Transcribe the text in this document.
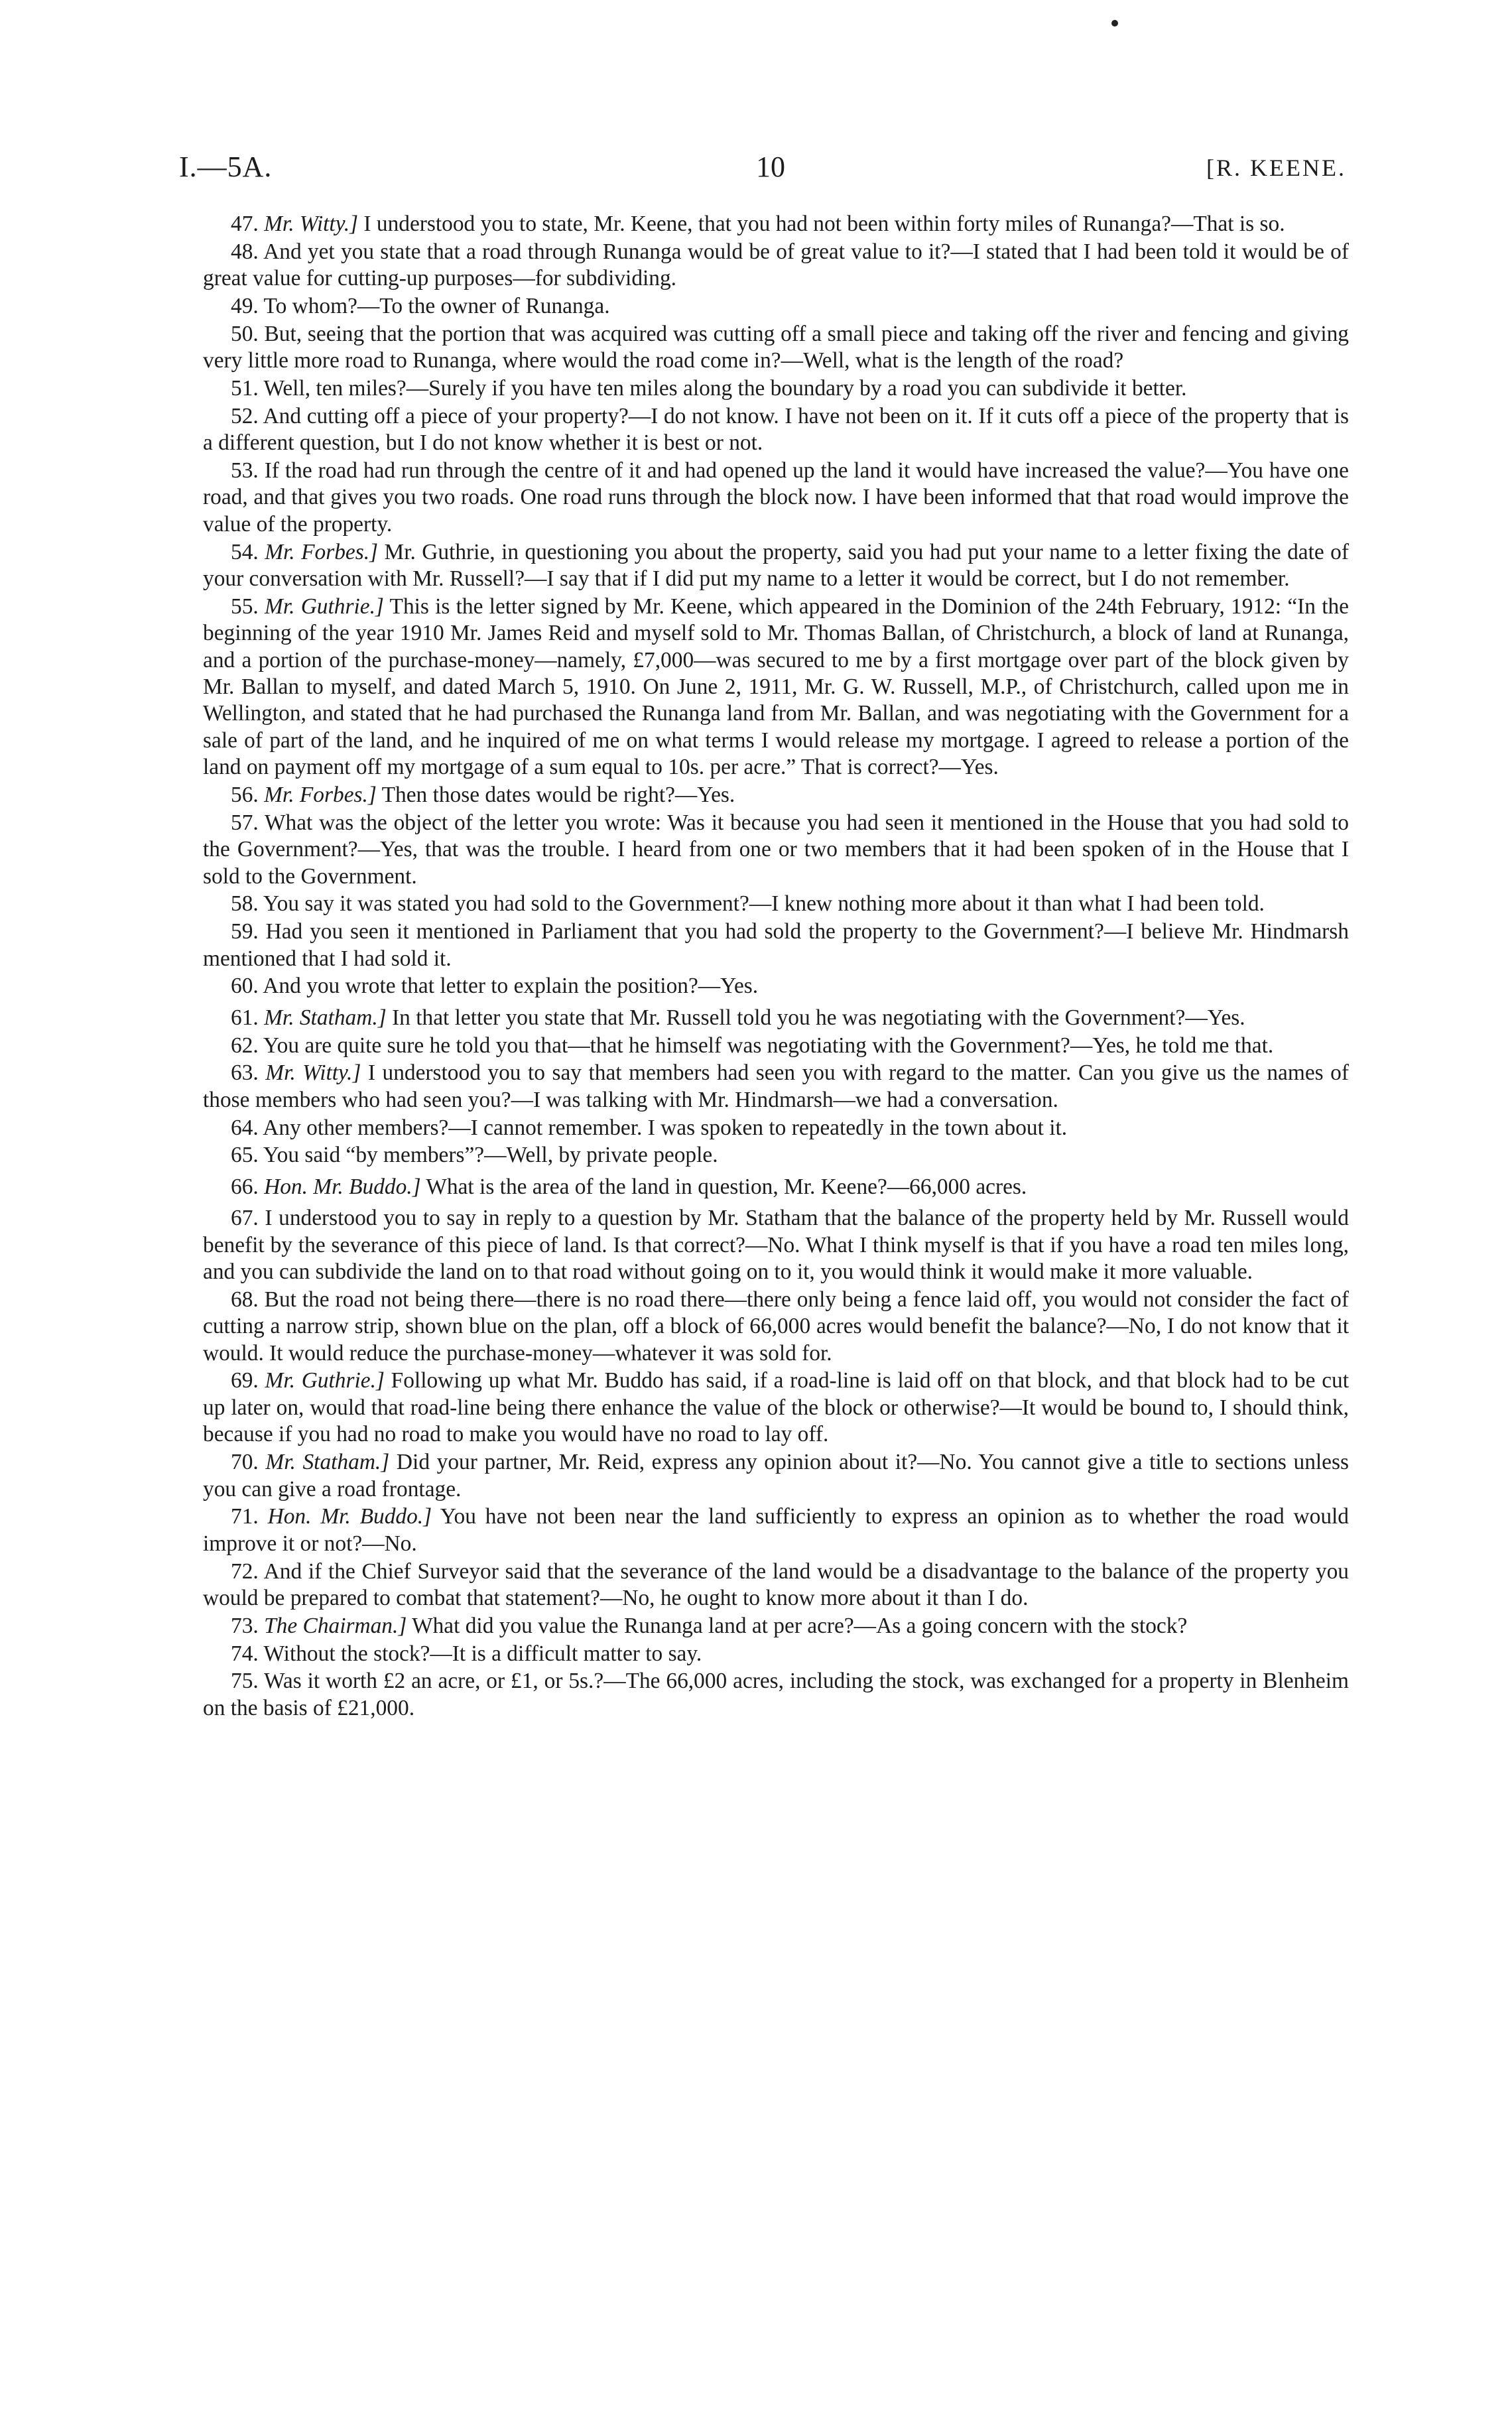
I.—5A.	10	[R. KEENE.

47. Mr. Witty.] I understood you to state, Mr. Keene, that you had not been within forty miles of Runanga?—That is so.

48. And yet you state that a road through Runanga would be of great value to it?—I stated that I had been told it would be of great value for cutting-up purposes—for subdividing.

49. To whom?—To the owner of Runanga.

50. But, seeing that the portion that was acquired was cutting off a small piece and taking off the river and fencing and giving very little more road to Runanga, where would the road come in?—Well, what is the length of the road?

51. Well, ten miles?—Surely if you have ten miles along the boundary by a road you can subdivide it better.

52. And cutting off a piece of your property?—I do not know. I have not been on it. If it cuts off a piece of the property that is a different question, but I do not know whether it is best or not.

53. If the road had run through the centre of it and had opened up the land it would have increased the value?—You have one road, and that gives you two roads. One road runs through the block now. I have been informed that that road would improve the value of the property.

54. Mr. Forbes.] Mr. Guthrie, in questioning you about the property, said you had put your name to a letter fixing the date of your conversation with Mr. Russell?—I say that if I did put my name to a letter it would be correct, but I do not remember.

55. Mr. Guthrie.] This is the letter signed by Mr. Keene, which appeared in the Dominion of the 24th February, 1912: “In the beginning of the year 1910 Mr. James Reid and myself sold to Mr. Thomas Ballan, of Christchurch, a block of land at Runanga, and a portion of the purchase-money—namely, £7,000—was secured to me by a first mortgage over part of the block given by Mr. Ballan to myself, and dated March 5, 1910. On June 2, 1911, Mr. G. W. Russell, M.P., of Christchurch, called upon me in Wellington, and stated that he had purchased the Runanga land from Mr. Ballan, and was negotiating with the Government for a sale of part of the land, and he inquired of me on what terms I would release my mortgage. I agreed to release a portion of the land on payment off my mortgage of a sum equal to 10s. per acre.” That is correct?—Yes.

56. Mr. Forbes.] Then those dates would be right?—Yes.

57. What was the object of the letter you wrote: Was it because you had seen it mentioned in the House that you had sold to the Government?—Yes, that was the trouble. I heard from one or two members that it had been spoken of in the House that I sold to the Government.

58. You say it was stated you had sold to the Government?—I knew nothing more about it than what I had been told.

59. Had you seen it mentioned in Parliament that you had sold the property to the Government?—I believe Mr. Hindmarsh mentioned that I had sold it.

60. And you wrote that letter to explain the position?—Yes.

61. Mr. Statham.] In that letter you state that Mr. Russell told you he was negotiating with the Government?—Yes.

62. You are quite sure he told you that—that he himself was negotiating with the Government?—Yes, he told me that.

63. Mr. Witty.] I understood you to say that members had seen you with regard to the matter. Can you give us the names of those members who had seen you?—I was talking with Mr. Hindmarsh—we had a conversation.

64. Any other members?—I cannot remember. I was spoken to repeatedly in the town about it.

65. You said “by members”?—Well, by private people.

66. Hon. Mr. Buddo.] What is the area of the land in question, Mr. Keene?—66,000 acres.

67. I understood you to say in reply to a question by Mr. Statham that the balance of the property held by Mr. Russell would benefit by the severance of this piece of land. Is that correct?—No. What I think myself is that if you have a road ten miles long, and you can subdivide the land on to that road without going on to it, you would think it would make it more valuable.

68. But the road not being there—there is no road there—there only being a fence laid off, you would not consider the fact of cutting a narrow strip, shown blue on the plan, off a block of 66,000 acres would benefit the balance?—No, I do not know that it would. It would reduce the purchase-money—whatever it was sold for.

69. Mr. Guthrie.] Following up what Mr. Buddo has said, if a road-line is laid off on that block, and that block had to be cut up later on, would that road-line being there enhance the value of the block or otherwise?—It would be bound to, I should think, because if you had no road to make you would have no road to lay off.

70. Mr. Statham.] Did your partner, Mr. Reid, express any opinion about it?—No. You cannot give a title to sections unless you can give a road frontage.

71. Hon. Mr. Buddo.] You have not been near the land sufficiently to express an opinion as to whether the road would improve it or not?—No.

72. And if the Chief Surveyor said that the severance of the land would be a disadvantage to the balance of the property you would be prepared to combat that statement?—No, he ought to know more about it than I do.

73. The Chairman.] What did you value the Runanga land at per acre?—As a going concern with the stock?

74. Without the stock?—It is a difficult matter to say.

75. Was it worth £2 an acre, or £1, or 5s.?—The 66,000 acres, including the stock, was exchanged for a property in Blenheim on the basis of £21,000.
